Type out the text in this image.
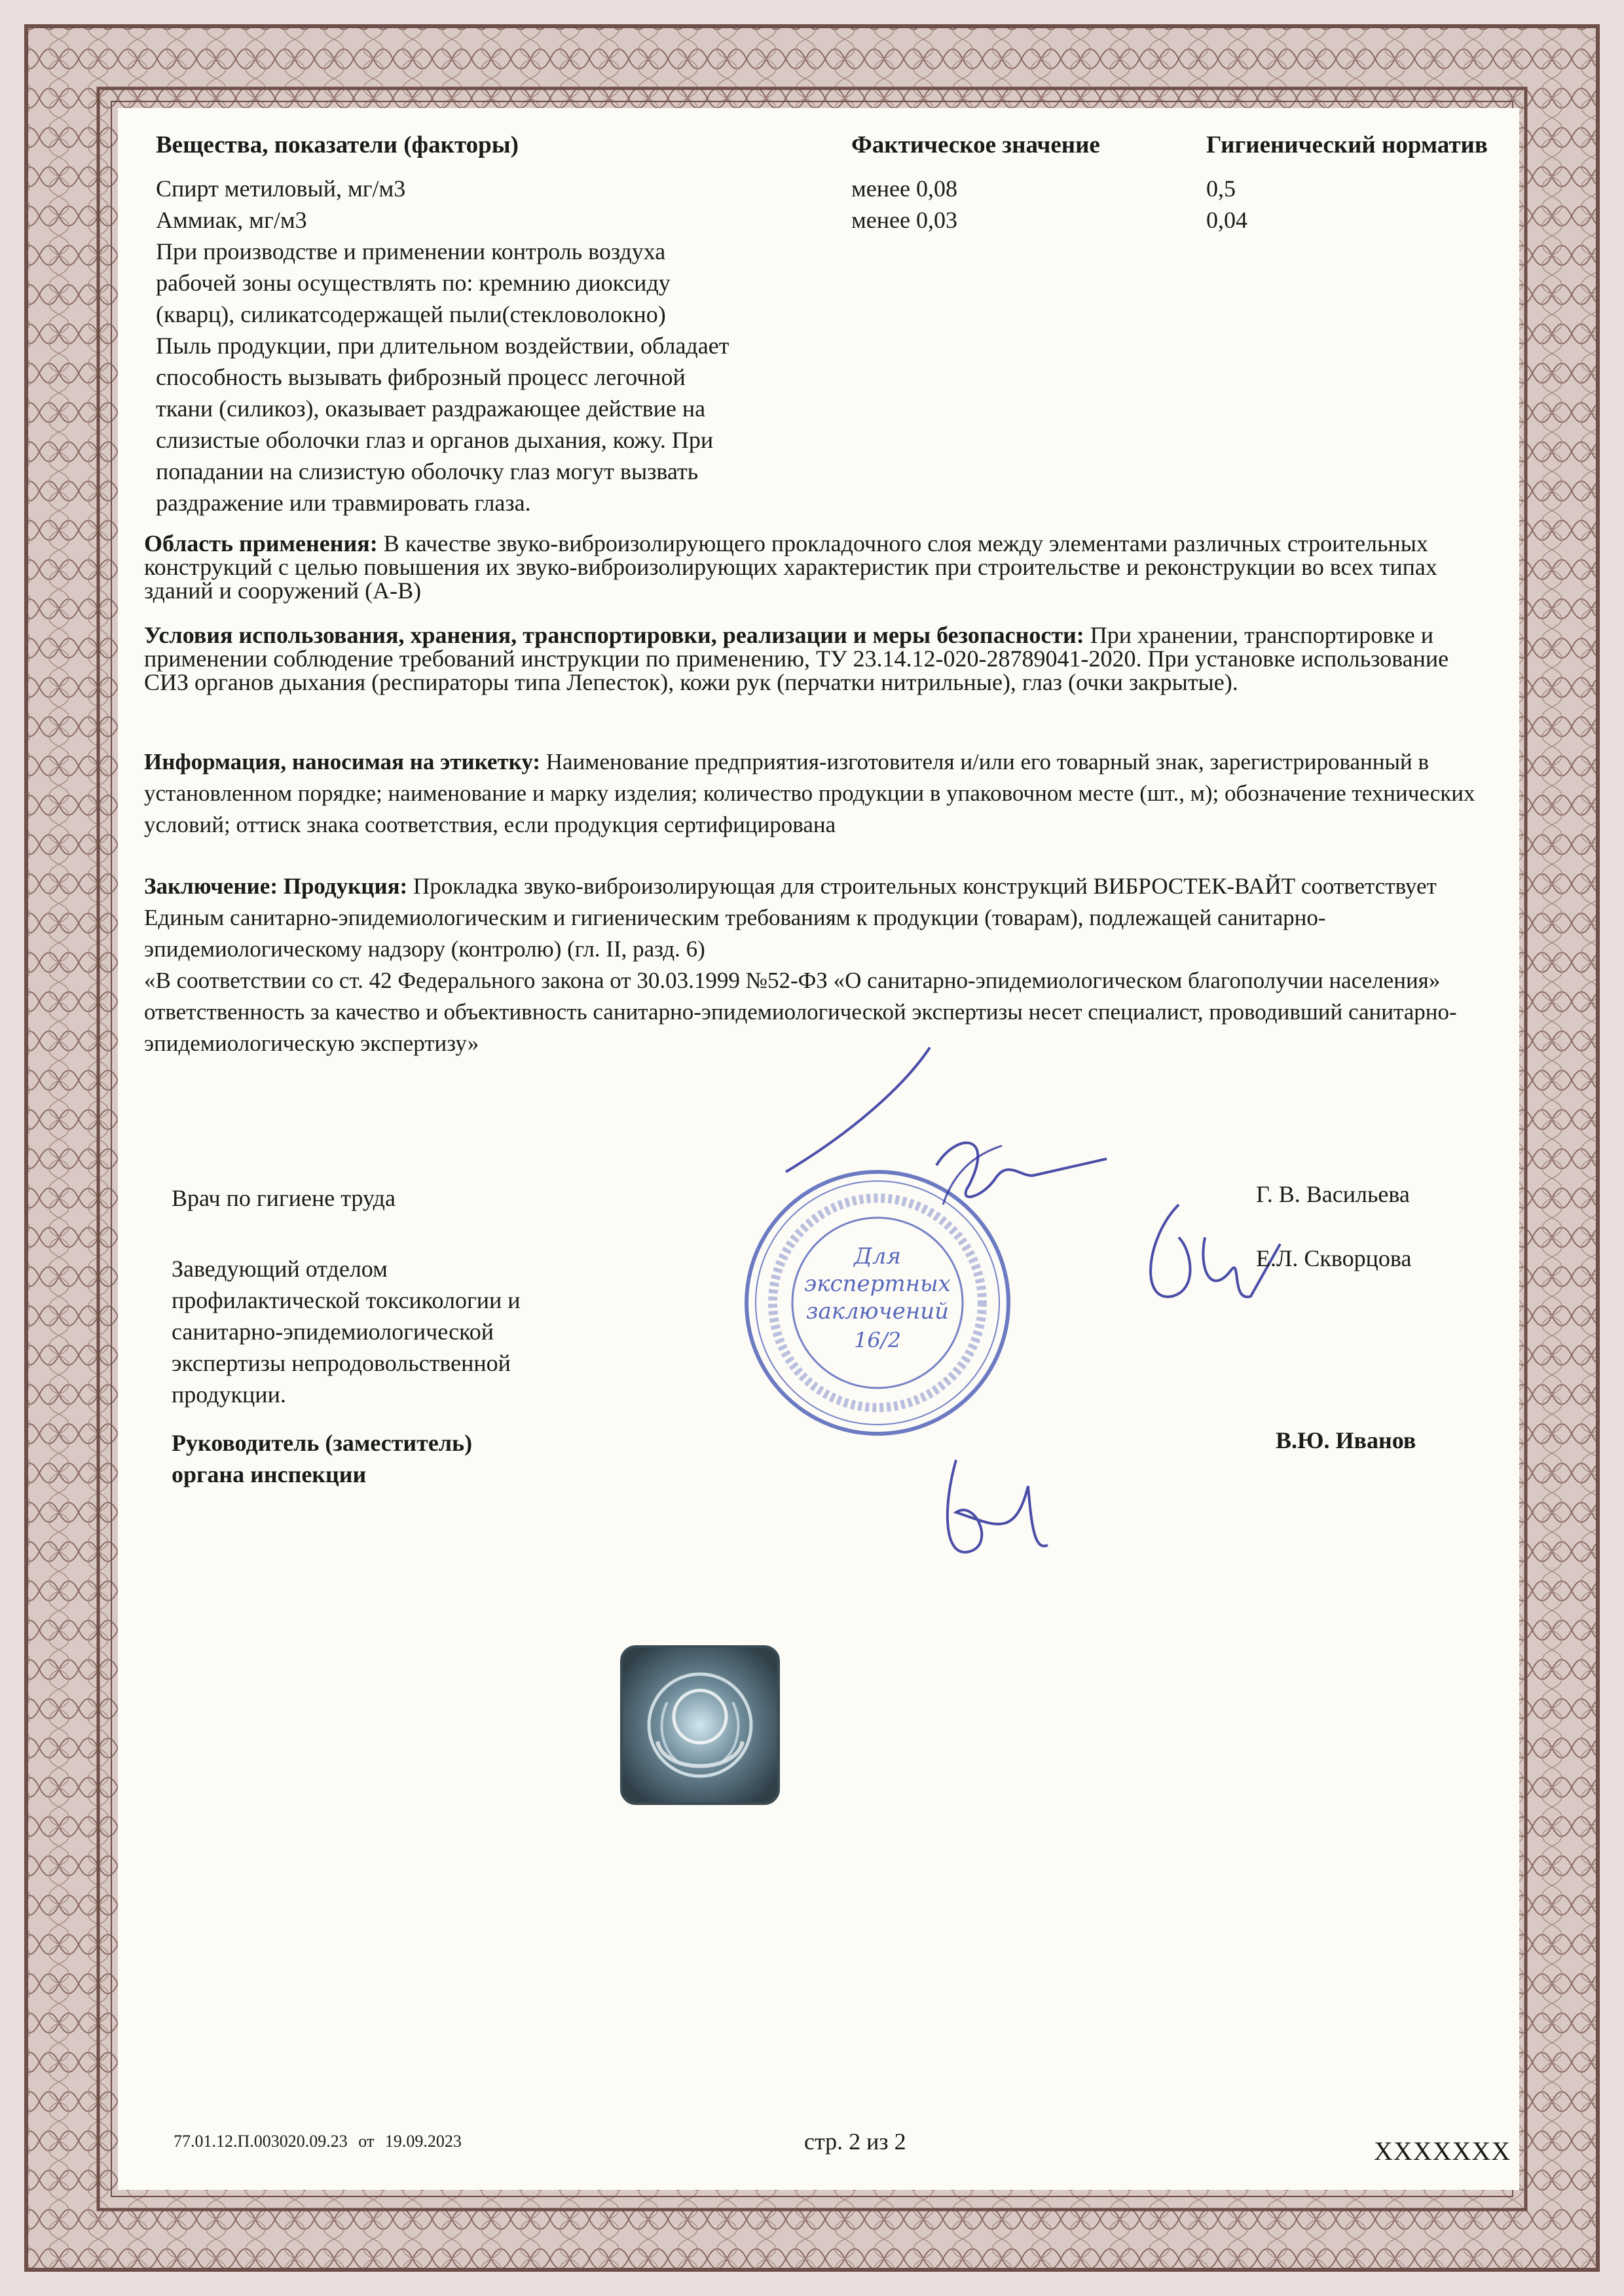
Вещества, показатели (факторы)	Фактическое значение	Гигиенический норматив
Спирт метиловый, мг/м3	менее 0,08	0,5
Аммиак, мг/м3	менее 0,03	0,04
При производстве и применении контроль воздуха
рабочей зоны осуществлять по: кремнию диоксиду
(кварц), силикатсодержащей пыли(стекловолокно)
Пыль продукции, при длительном воздействии, обладает
способность вызывать фиброзный процесс легочной
ткани (силикоз), оказывает раздражающее действие на
слизистые оболочки глаз и органов дыхания, кожу. При
попадании на слизистую оболочку глаз могут вызвать
раздражение или травмировать глаза.

Область применения: В качестве звуко-виброизолирующего прокладочного слоя между элементами различных строительных конструкций с целью повышения их звуко-виброизолирующих характеристик при строительстве и реконструкции во всех типах зданий и сооружений (А-В)

Условия использования, хранения, транспортировки, реализации и меры безопасности: При хранении, транспортировке и применении соблюдение требований инструкции по применению, ТУ 23.14.12-020-28789041-2020. При установке использование СИЗ органов дыхания (респираторы типа Лепесток), кожи рук (перчатки нитрильные), глаз (очки закрытые).

Информация, наносимая на этикетку: Наименование предприятия-изготовителя и/или его товарный знак, зарегистрированный в установленном порядке; наименование и марку изделия; количество продукции в упаковочном месте (шт., м); обозначение технических условий; оттиск знака соответствия, если продукция сертифицирована

Заключение: Продукция: Прокладка звуко-виброизолирующая для строительных конструкций ВИБРОСТЕК-ВАЙТ соответствует Единым санитарно-эпидемиологическим и гигиеническим требованиям к продукции (товарам), подлежащей санитарно-эпидемиологическому надзору (контролю) (гл. II, разд. 6)

«В соответствии со ст. 42 Федерального закона от 30.03.1999 №52-ФЗ «О санитарно-эпидемиологическом благополучии населения» ответственность за качество и объективность санитарно-эпидемиологической экспертизы несет специалист, проводивший санитарно-эпидемиологическую экспертизу»

Для
экспертных
заключений
16/2
Врач по гигиене труда	Г. В. Васильева
Заведующий отделом
профилактической токсикологии и
санитарно-эпидемиологической
экспертизы непродовольственной
продукции.
Е.Л. Скворцова
Руководитель (заместитель)
органа инспекции
В.Ю. Иванов
77.01.12.П.003020.09.23 от 19.09.2023	стр. 2 из 2	XXXXXXX
